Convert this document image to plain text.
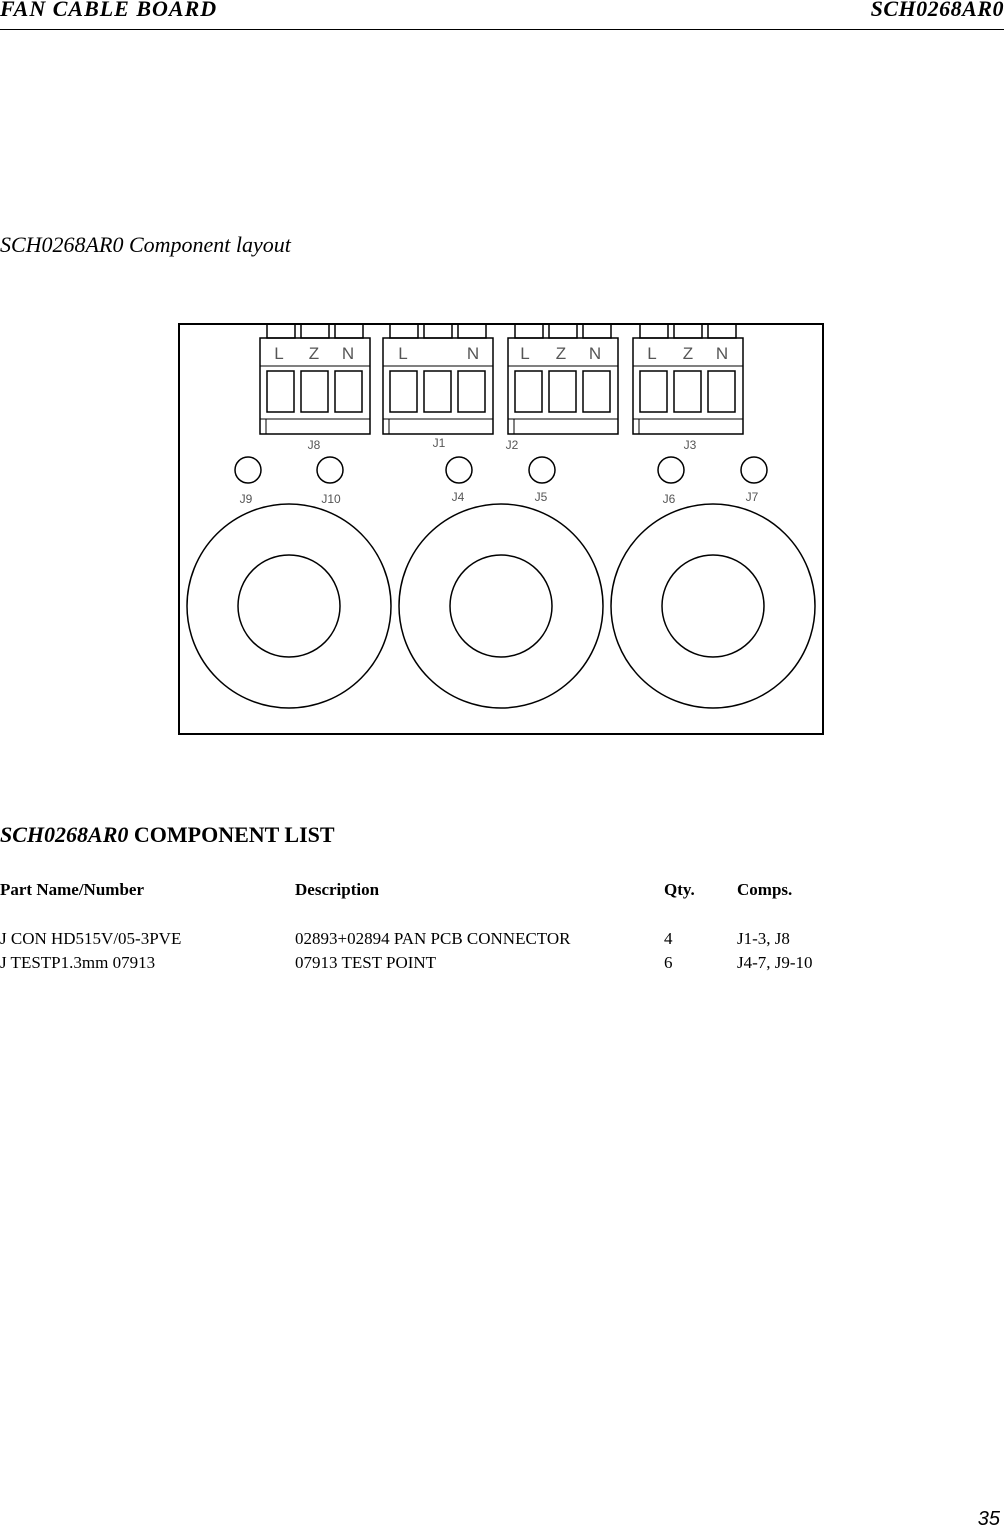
FAN CABLE BOARD	SCH0268AR0
SCH0268AR0 Component layout
L Z N
J8
L	N
J1
L Z N
J2
L Z N
J3
J9	J10	J4	J5	J6	J7
SCH0268AR0 COMPONENT LIST
Part Name/Number	Description	Qty. Comps.
J CON HD515V/05-3PVE	02893+02894 PAN PCB CONNECTOR	4	J1-3, J8
J TESTP1.3mm 07913	07913 TEST POINT	6	J4-7, J9-10
35
